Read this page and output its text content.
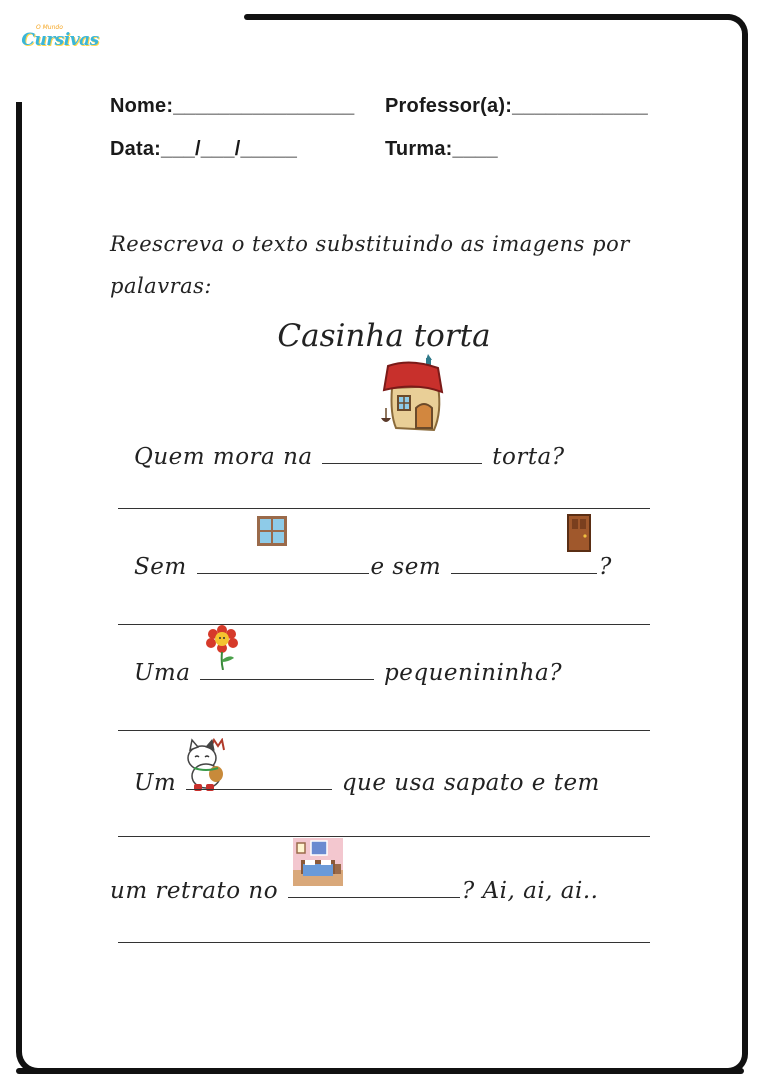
O Mundo
Cursivas
Nome:________________ Professor(a):____________
Data:___/___/_____	Turma:____
Reescreva o texto substituindo as imagens por
palavras:
Casinha torta
Quem mora na	torta?
Sem	e sem	?
Uma	pequenininha?
Um	que usa sapato e tem
um retrato no	? Ai, ai, ai..
